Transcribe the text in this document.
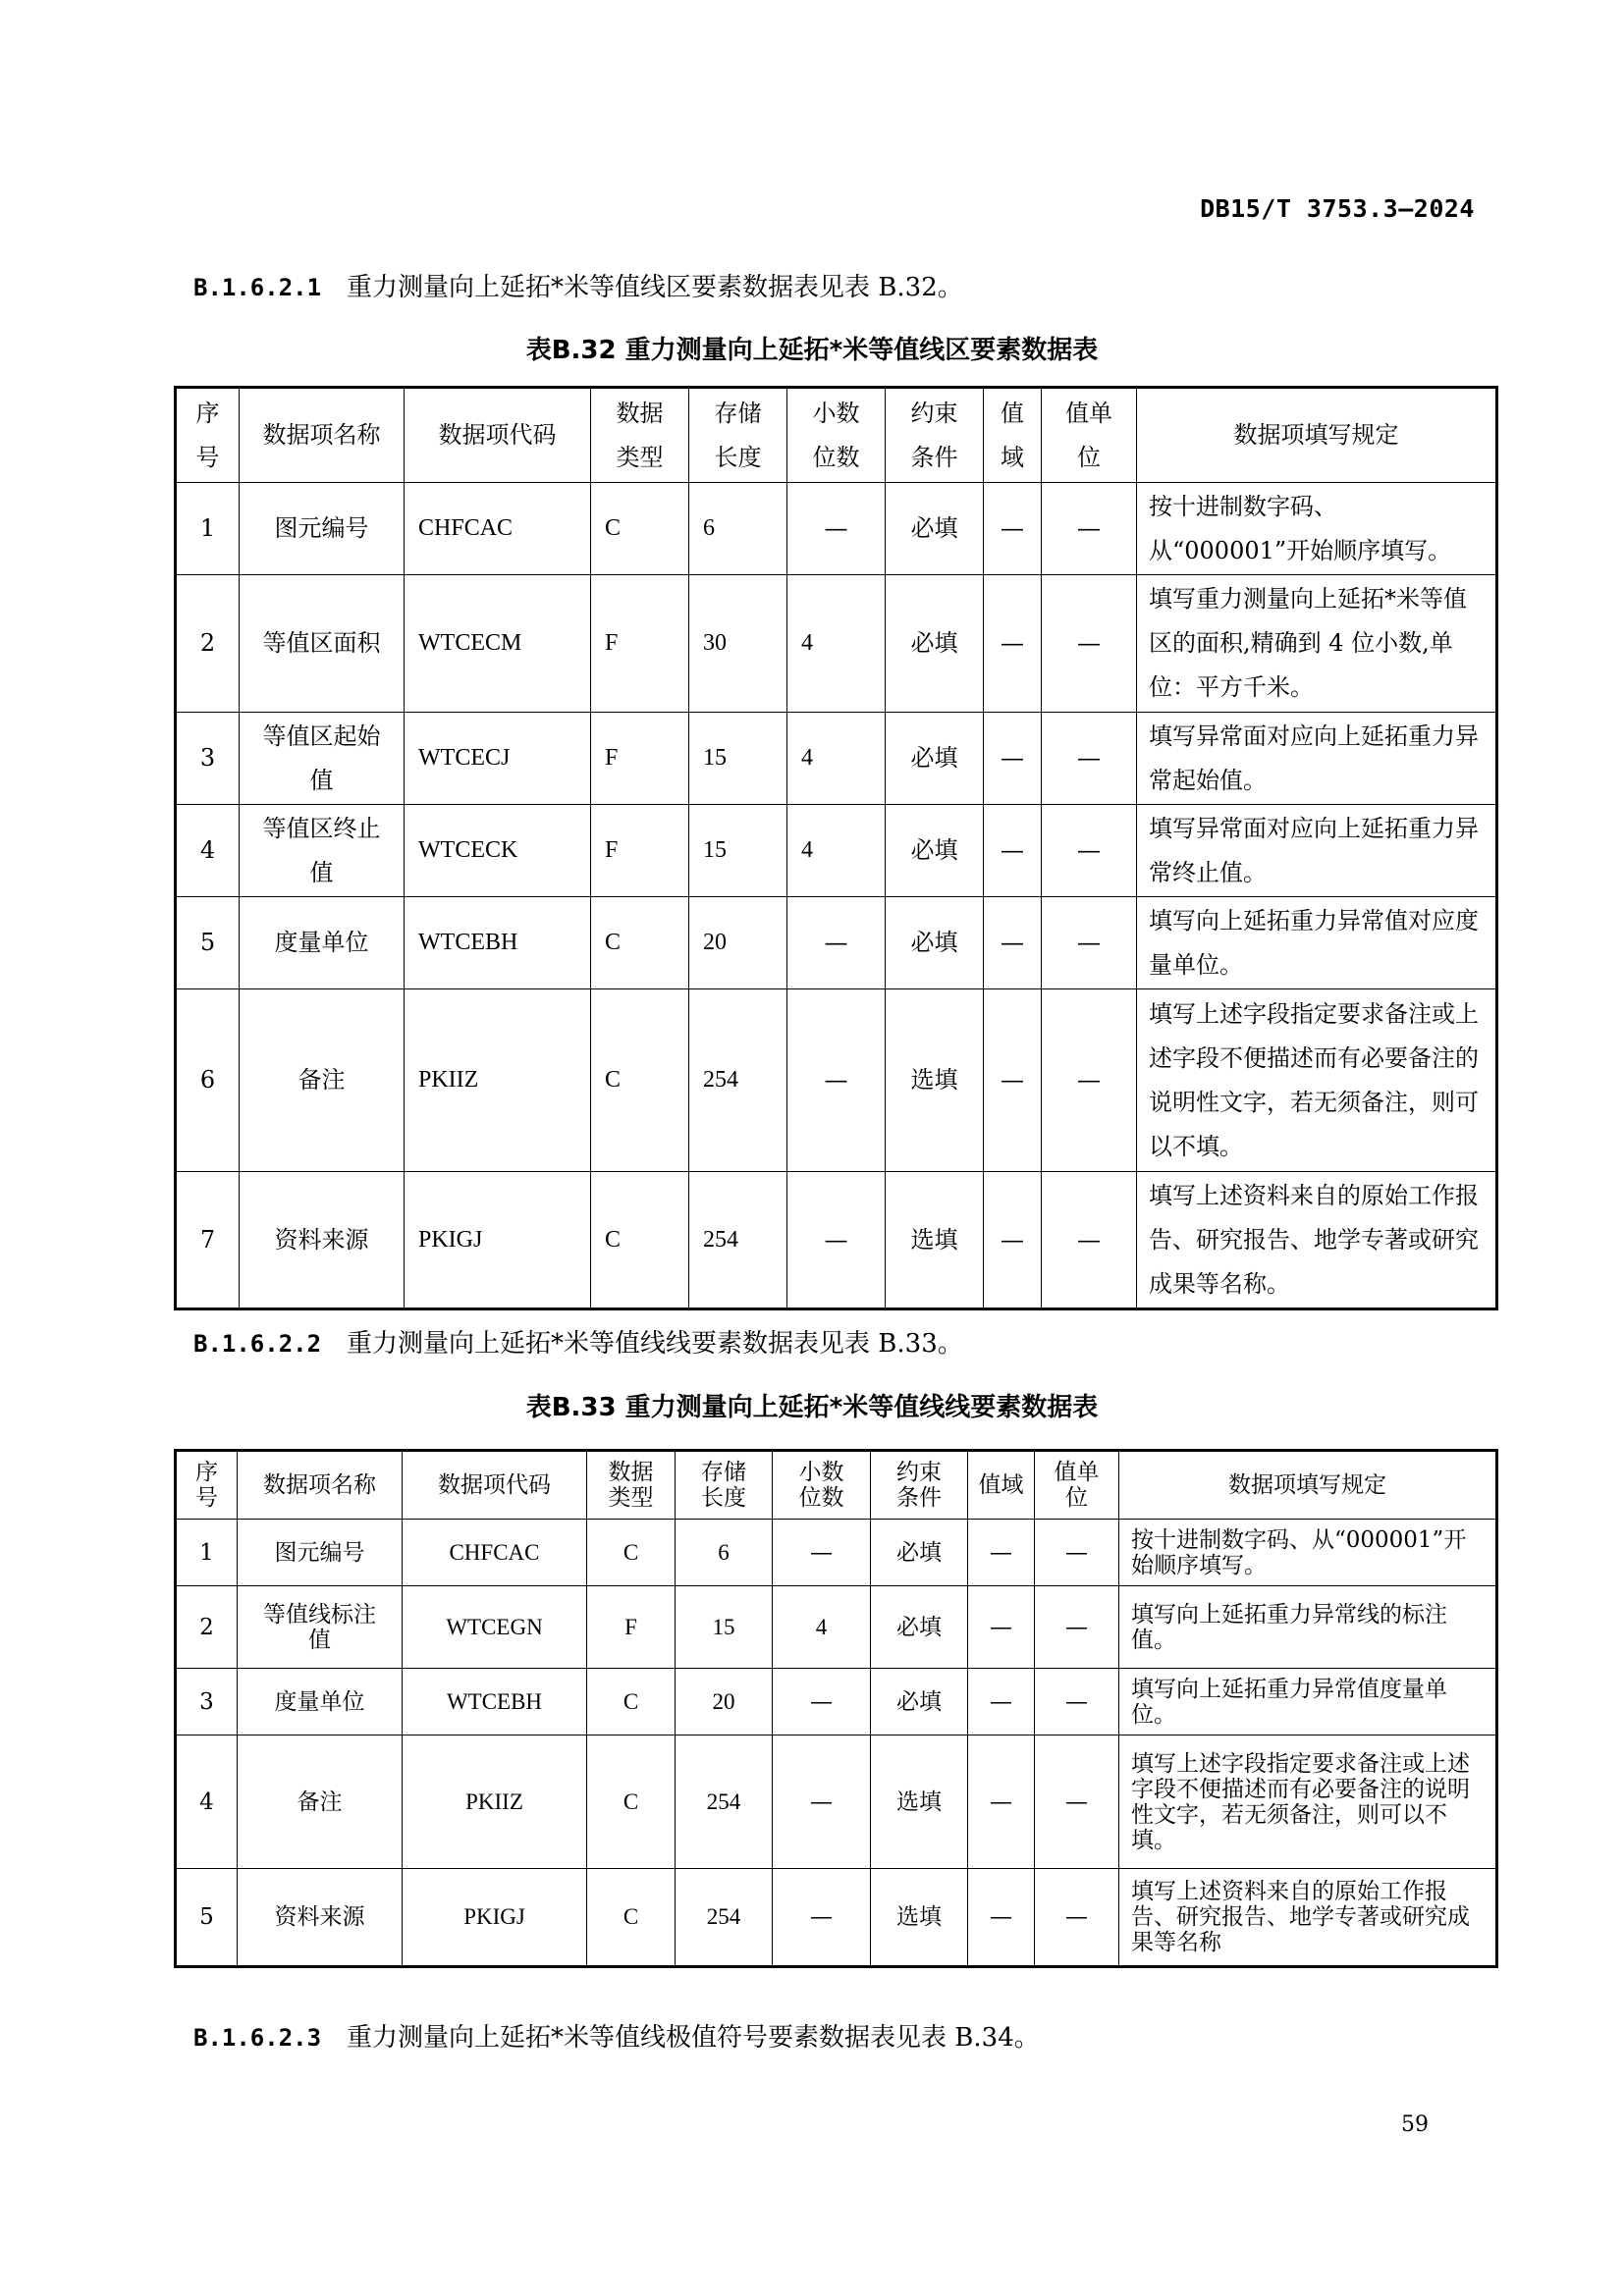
DB15/T 3753.3—2024
B.1.6.2.1 重力测量向上延拓*米等值线区要素数据表见表 B.32。
表B.32 重力测量向上延拓*米等值线区要素数据表
序号	数据项名称	数据项代码	数据类型	存储长度	小数位数	约束条件	值域	值单位	数据项填写规定
1	图元编号	CHFCAC	C	6	—	必填	—	—	按十进制数字码、从“000001”开始顺序填写。
2	等值区面积	WTCECM	F	30	4	必填	—	—	填写重力测量向上延拓*米等值区的面积,精确到 4 位小数,单位：平方千米。
3	等值区起始值	WTCECJ	F	15	4	必填	—	—	填写异常面对应向上延拓重力异常起始值。
4	等值区终止值	WTCECK	F	15	4	必填	—	—	填写异常面对应向上延拓重力异常终止值。
5	度量单位	WTCEBH	C	20	—	必填	—	—	填写向上延拓重力异常值对应度量单位。
6	备注	PKIIZ	C	254	—	选填	—	—	填写上述字段指定要求备注或上述字段不便描述而有必要备注的说明性文字，若无须备注，则可以不填。
7	资料来源	PKIGJ	C	254	—	选填	—	—	填写上述资料来自的原始工作报告、研究报告、地学专著或研究成果等名称。
B.1.6.2.2 重力测量向上延拓*米等值线线要素数据表见表 B.33。
表B.33 重力测量向上延拓*米等值线线要素数据表
序号	数据项名称	数据项代码	数据类型	存储长度	小数位数	约束条件	值域	值单位	数据项填写规定
1	图元编号	CHFCAC	C	6	—	必填	—	—	按十进制数字码、从“000001”开始顺序填写。
2	等值线标注值	WTCEGN	F	15	4	必填	—	—	填写向上延拓重力异常线的标注值。
3	度量单位	WTCEBH	C	20	—	必填	—	—	填写向上延拓重力异常值度量单位。
4	备注	PKIIZ	C	254	—	选填	—	—	填写上述字段指定要求备注或上述字段不便描述而有必要备注的说明性文字，若无须备注，则可以不填。
5	资料来源	PKIGJ	C	254	—	选填	—	—	填写上述资料来自的原始工作报告、研究报告、地学专著或研究成果等名称
B.1.6.2.3 重力测量向上延拓*米等值线极值符号要素数据表见表 B.34。
59
